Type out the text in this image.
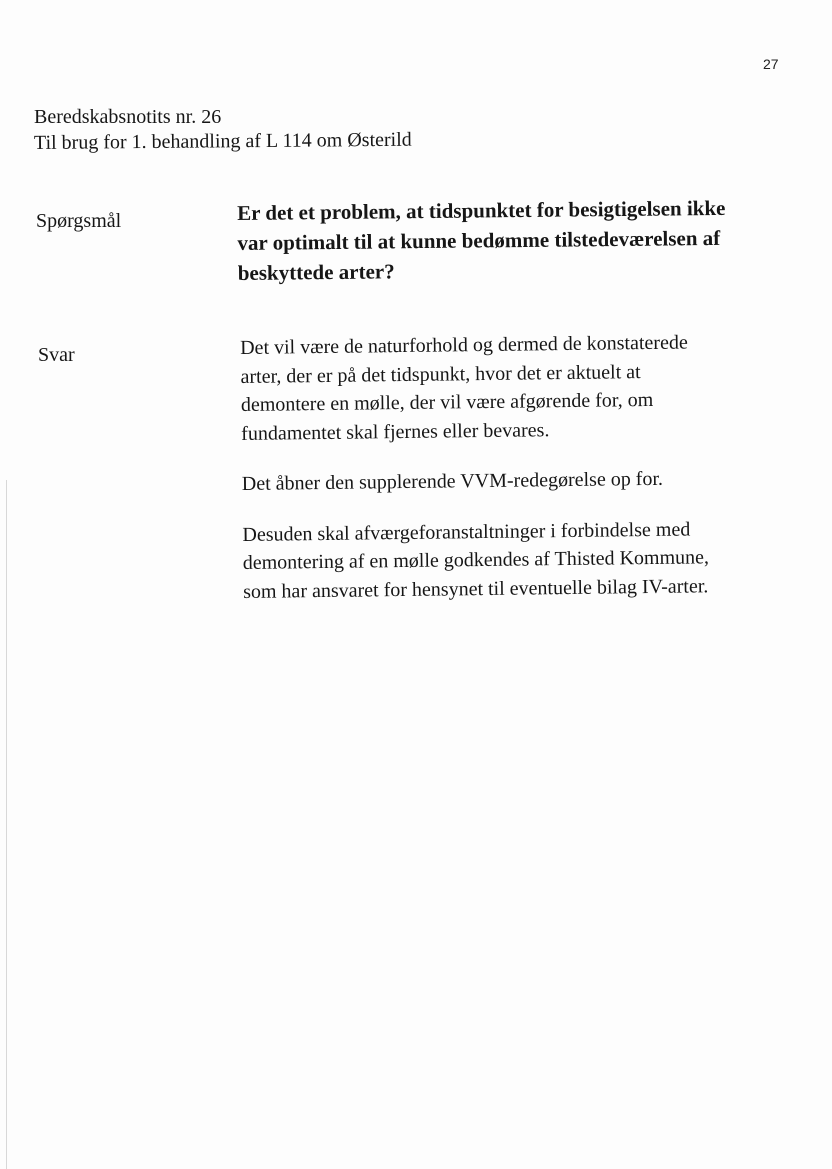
27
Beredskabsnotits nr. 26
Til brug for 1. behandling af L 114 om Østerild
Spørgsmål	Er det et problem, at tidspunktet for besigtigelsen ikke var optimalt til at kunne bedømme tilstedeværelsen af beskyttede arter?
Svar	Det vil være de naturforhold og dermed de konstaterede arter, der er på det tidspunkt, hvor det er aktuelt at demontere en mølle, der vil være afgørende for, om fundamentet skal fjernes eller bevares.

Det åbner den supplerende VVM-redegørelse op for.

Desuden skal afværgeforanstaltninger i forbindelse med demontering af en mølle godkendes af Thisted Kommune, som har ansvaret for hensynet til eventuelle bilag IV-arter.
